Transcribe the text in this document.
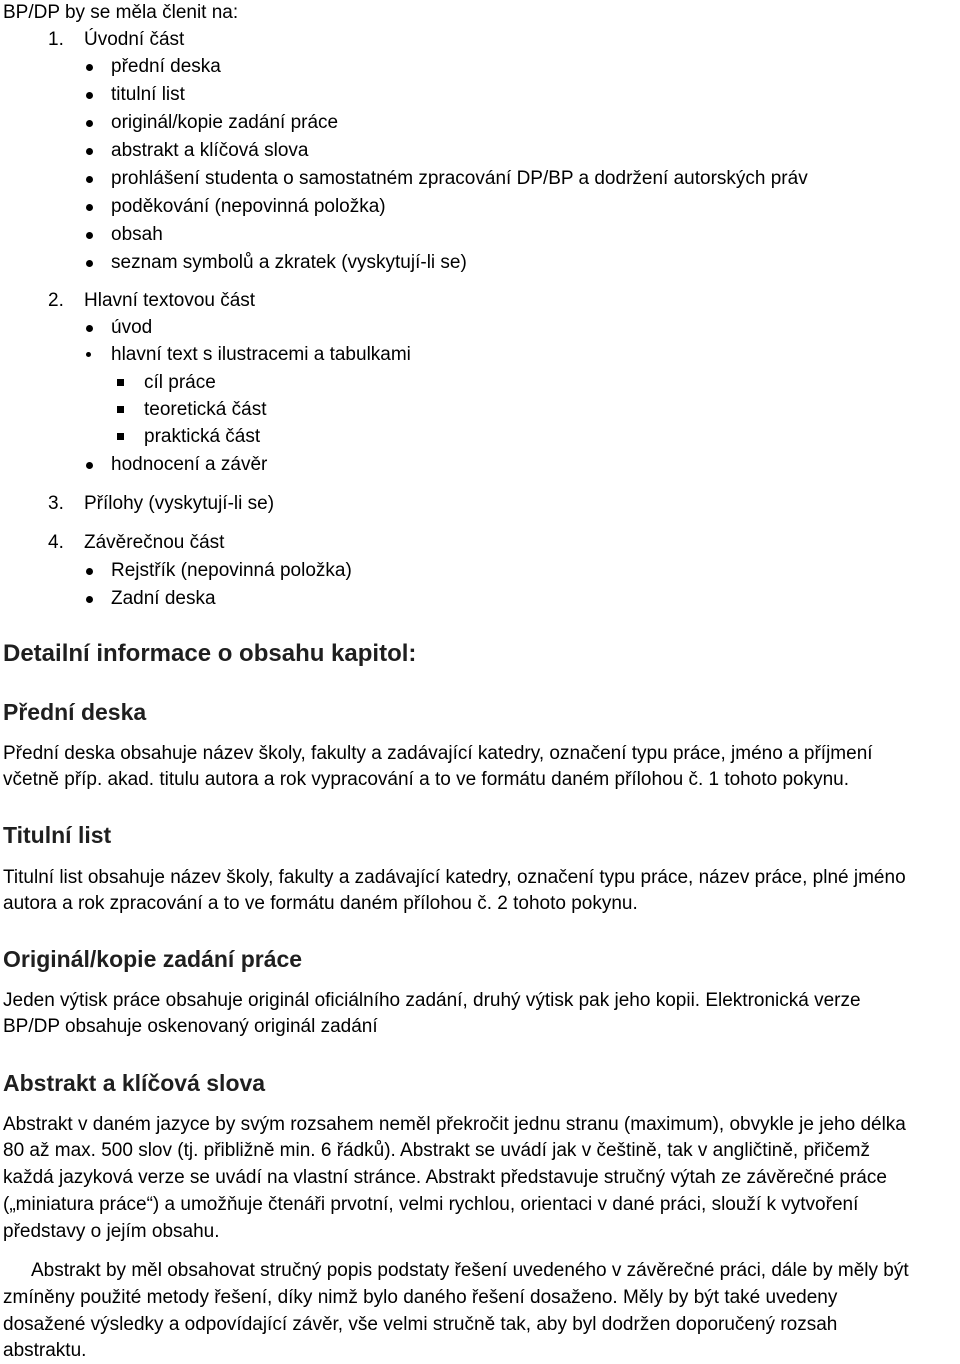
BP/DP by se měla členit na:
1. Úvodní část
přední deska
titulní list
originál/kopie zadání práce
abstrakt a klíčová slova
prohlášení studenta o samostatném zpracování DP/BP a dodržení autorských práv
poděkování (nepovinná položka)
obsah
seznam symbolů a zkratek (vyskytují-li se)
2. Hlavní textovou část
úvod
hlavní text s ilustracemi a tabulkami
cíl práce
teoretická část
praktická část
hodnocení a závěr
3. Přílohy (vyskytují-li se)
4. Závěrečnou část
Rejstřík (nepovinná položka)
Zadní deska
Detailní informace o obsahu kapitol:
Přední deska
Přední deska obsahuje název školy, fakulty a zadávající katedry, označení typu práce, jméno a příjmení
včetně příp. akad. titulu autora a rok vypracování a to ve formátu daném přílohou č. 1 tohoto pokynu.
Titulní list
Titulní list obsahuje název školy, fakulty a zadávající katedry, označení typu práce, název práce, plné jméno
autora a rok zpracování a to ve formátu daném přílohou č. 2 tohoto pokynu.
Originál/kopie zadání práce
Jeden výtisk práce obsahuje originál oficiálního zadání, druhý výtisk pak jeho kopii. Elektronická verze
BP/DP obsahuje oskenovaný originál zadání
Abstrakt a klíčová slova
Abstrakt v daném jazyce by svým rozsahem neměl překročit jednu stranu (maximum), obvykle je jeho délka
80 až max. 500 slov (tj. přibližně min. 6 řádků). Abstrakt se uvádí jak v češtině, tak v angličtině, přičemž
každá jazyková verze se uvádí na vlastní stránce. Abstrakt představuje stručný výtah ze závěrečné práce
(„miniatura práce“) a umožňuje čtenáři prvotní, velmi rychlou, orientaci v dané práci, slouží k vytvoření
představy o jejím obsahu.
Abstrakt by měl obsahovat stručný popis podstaty řešení uvedeného v závěrečné práci, dále by měly být
zmíněny použité metody řešení, díky nimž bylo daného řešení dosaženo. Měly by být také uvedeny
dosažené výsledky a odpovídající závěr, vše velmi stručně tak, aby byl dodržen doporučený rozsah
abstraktu.
